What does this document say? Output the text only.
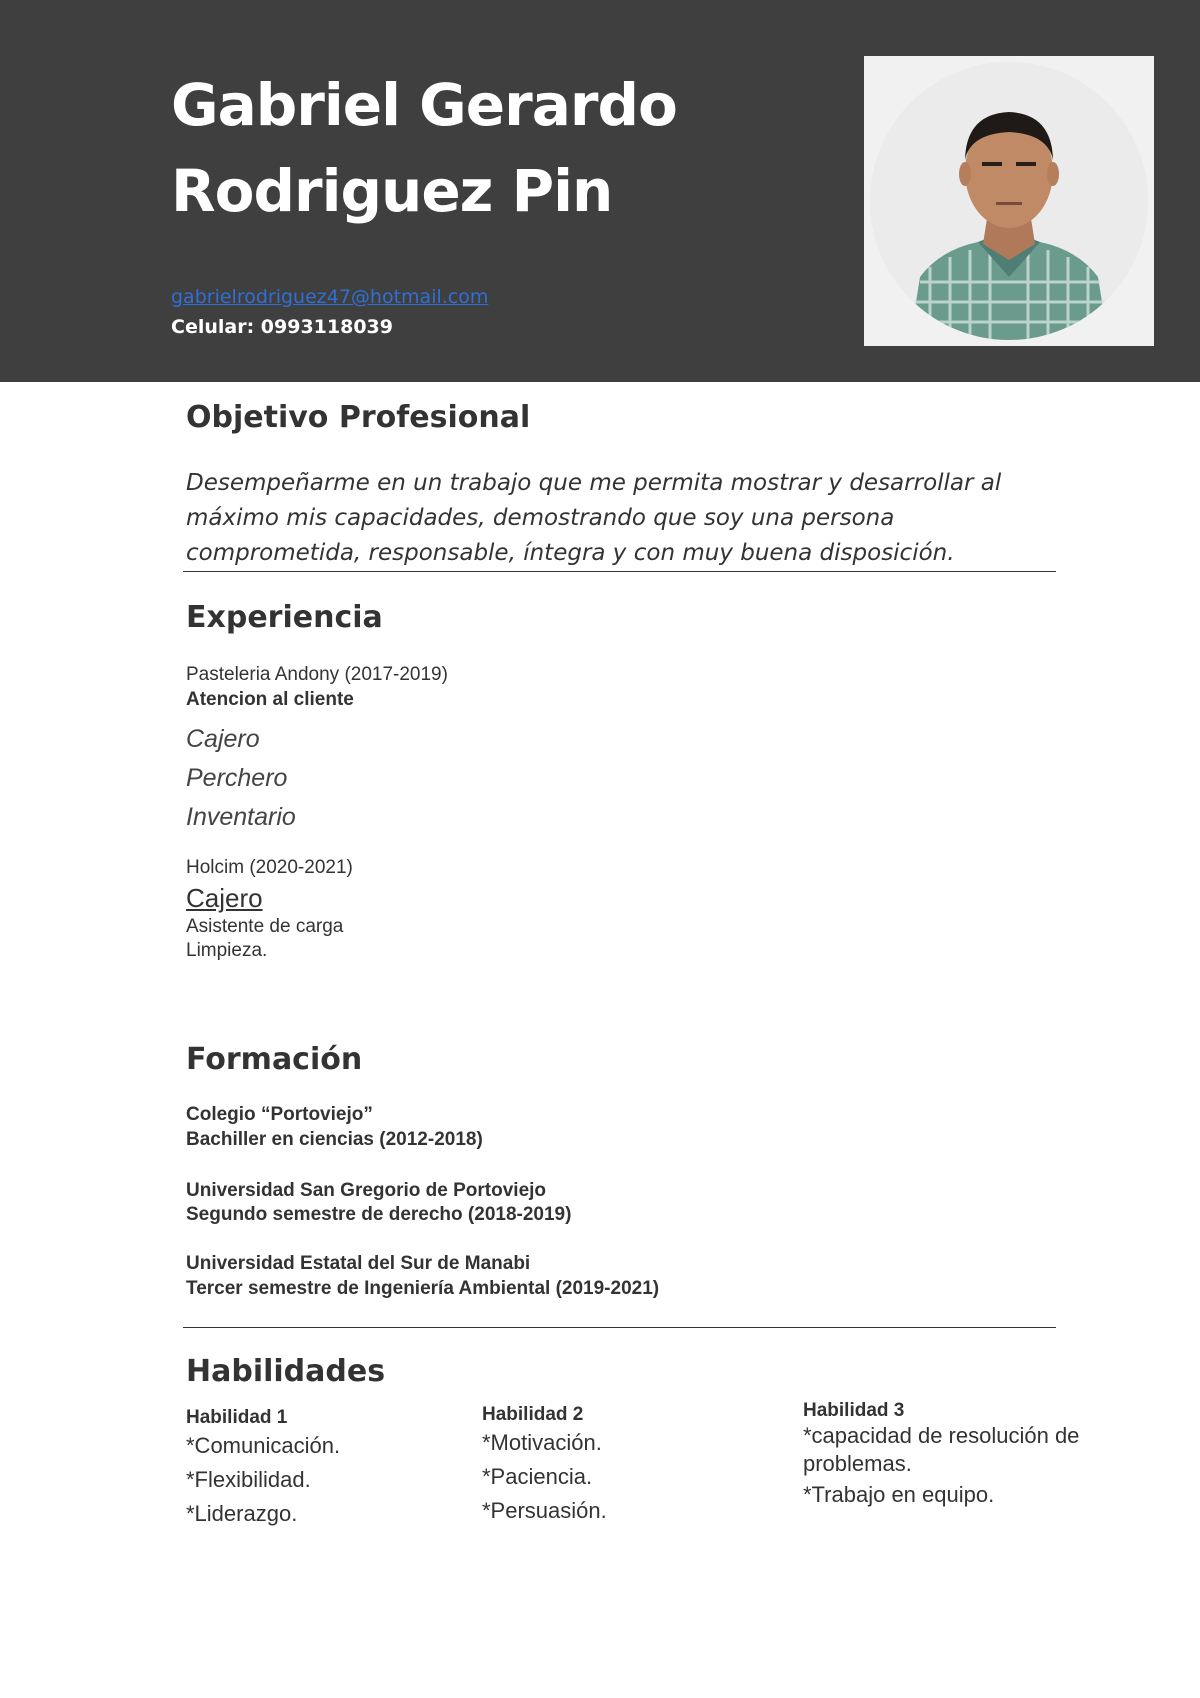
Gabriel Gerardo
Rodriguez Pin
gabrielrodriguez47@hotmail.com
Celular: 0993118039
Objetivo Profesional
Desempeñarme en un trabajo que me permita mostrar y desarrollar al máximo mis capacidades, demostrando que soy una persona comprometida, responsable, íntegra y con muy buena disposición.
Experiencia
Pasteleria Andony (2017-2019)
Atencion al cliente
Cajero
Perchero
Inventario
Holcim (2020-2021)
Cajero
Asistente de carga
Limpieza.
Formación
Colegio “Portoviejo”
Bachiller en ciencias (2012-2018)
Universidad San Gregorio de Portoviejo
Segundo semestre de derecho (2018-2019)
Universidad Estatal del Sur de Manabi
Tercer semestre de Ingeniería Ambiental (2019-2021)
Habilidades
Habilidad 1
*Comunicación.
*Flexibilidad.
*Liderazgo.
Habilidad 2
*Motivación.
*Paciencia.
*Persuasión.
Habilidad 3
*capacidad de resolución de problemas.
*Trabajo en equipo.
